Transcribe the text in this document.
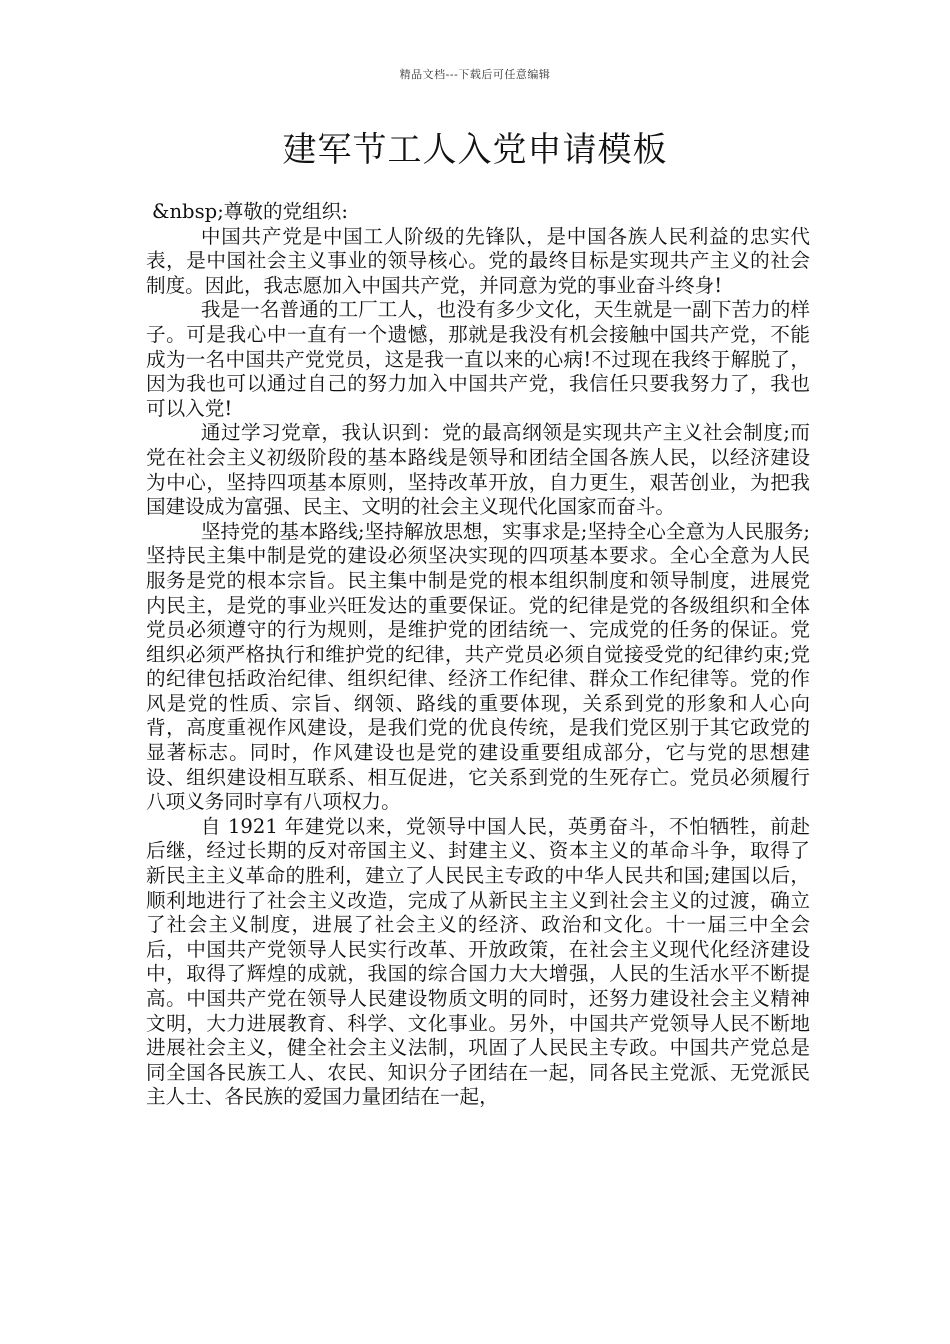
精品文档---下载后可任意编辑
建军节工人入党申请模板

&nbsp;尊敬的党组织:

中国共产党是中国工人阶级的先锋队，是中国各族人民利益的忠实代表，是中国社会主义事业的领导核心。党的最终目标是实现共产主义的社会制度。因此，我志愿加入中国共产党，并同意为党的事业奋斗终身!

我是一名普通的工厂工人，也没有多少文化，天生就是一副下苦力的样子。可是我心中一直有一个遗憾，那就是我没有机会接触中国共产党，不能成为一名中国共产党党员，这是我一直以来的心病!不过现在我终于解脱了，因为我也可以通过自己的努力加入中国共产党，我信任只要我努力了，我也可以入党!

通过学习党章，我认识到：党的最高纲领是实现共产主义社会制度;而党在社会主义初级阶段的基本路线是领导和团结全国各族人民，以经济建设为中心，坚持四项基本原则，坚持改革开放，自力更生，艰苦创业，为把我国建设成为富强、民主、文明的社会主义现代化国家而奋斗。

坚持党的基本路线;坚持解放思想，实事求是;坚持全心全意为人民服务;坚持民主集中制是党的建设必须坚决实现的四项基本要求。全心全意为人民服务是党的根本宗旨。民主集中制是党的根本组织制度和领导制度，进展党内民主，是党的事业兴旺发达的重要保证。党的纪律是党的各级组织和全体党员必须遵守的行为规则，是维护党的团结统一、完成党的任务的保证。党组织必须严格执行和维护党的纪律，共产党员必须自觉接受党的纪律约束;党的纪律包括政治纪律、组织纪律、经济工作纪律、群众工作纪律等。党的作风是党的性质、宗旨、纲领、路线的重要体现，关系到党的形象和人心向背，高度重视作风建设，是我们党的优良传统，是我们党区别于其它政党的显著标志。同时，作风建设也是党的建设重要组成部分，它与党的思想建设、组织建设相互联系、相互促进，它关系到党的生死存亡。党员必须履行八项义务同时享有八项权力。

自 1921 年建党以来，党领导中国人民，英勇奋斗，不怕牺牲，前赴后继，经过长期的反对帝国主义、封建主义、资本主义的革命斗争，取得了新民主主义革命的胜利，建立了人民民主专政的中华人民共和国;建国以后，顺利地进行了社会主义改造，完成了从新民主主义到社会主义的过渡，确立了社会主义制度，进展了社会主义的经济、政治和文化。十一届三中全会后，中国共产党领导人民实行改革、开放政策，在社会主义现代化经济建设中，取得了辉煌的成就，我国的综合国力大大增强，人民的生活水平不断提高。中国共产党在领导人民建设物质文明的同时，还努力建设社会主义精神文明，大力进展教育、科学、文化事业。另外，中国共产党领导人民不断地进展社会主义，健全社会主义法制，巩固了人民民主专政。中国共产党总是同全国各民族工人、农民、知识分子团结在一起，同各民主党派、无党派民主人士、各民族的爱国力量团结在一起，
